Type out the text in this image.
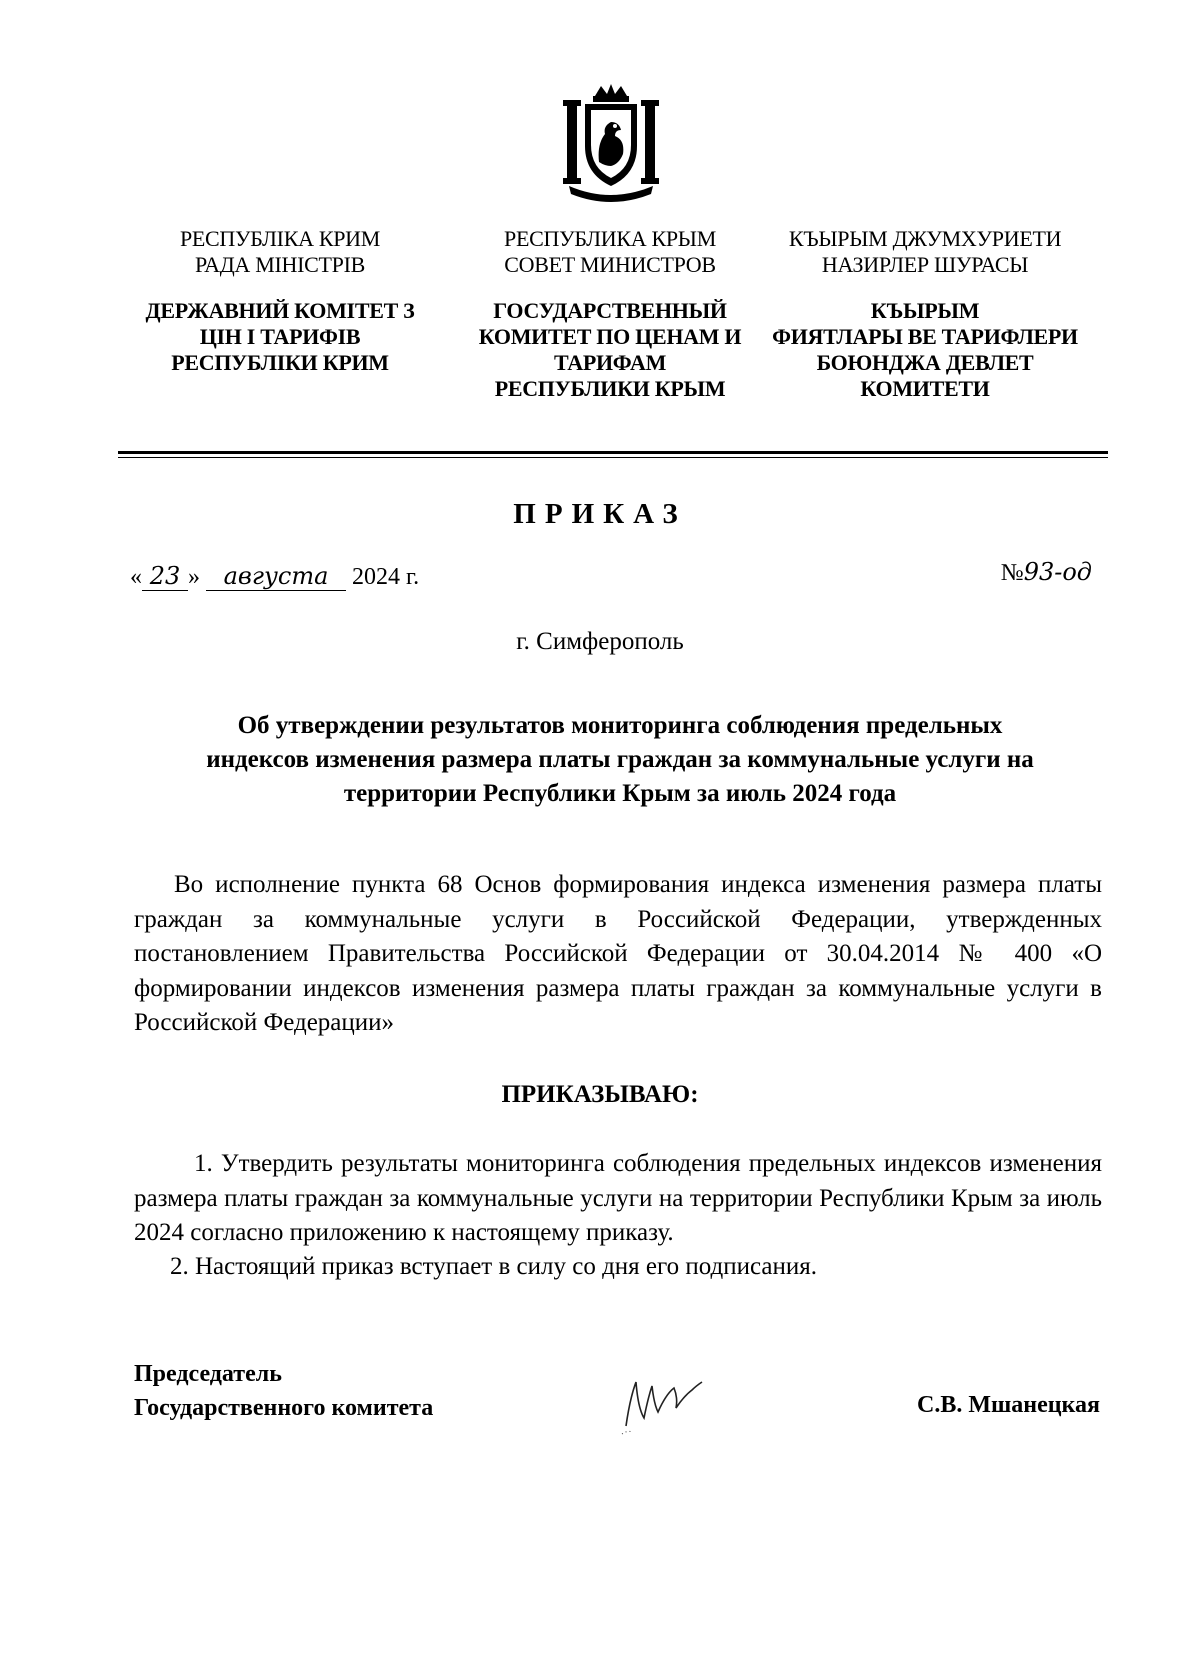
РЕСПУБЛІКА КРИМ
РАДА МІНІСТРІВ
ДЕРЖАВНИЙ КОМІТЕТ З
ЦІН І ТАРИФІВ
РЕСПУБЛІКИ КРИМ
РЕСПУБЛИКА КРЫМ
СОВЕТ МИНИСТРОВ
ГОСУДАРСТВЕННЫЙ
КОМИТЕТ ПО ЦЕНАМ И
ТАРИФАМ
РЕСПУБЛИКИ КРЫМ
КЪЫРЫМ ДЖУМХУРИЕТИ
НАЗИРЛЕР ШУРАСЫ
КЪЫРЫМ
ФИЯТЛАРЫ ВЕ ТАРИФЛЕРИ
БОЮНДЖА ДЕВЛЕТ
КОМИТЕТИ
ПРИКАЗ
« 23 » августа 2024 г.	№93-од
г. Симферополь
Об утверждении результатов мониторинга соблюдения предельных
индексов изменения размера платы граждан за коммунальные услуги на
территории Республики Крым за июль 2024 года
Во исполнение пункта 68 Основ формирования индекса изменения размера платы граждан за коммунальные услуги в Российской Федерации, утвержденных постановлением Правительства Российской Федерации от 30.04.2014 № 400 «О формировании индексов изменения размера платы граждан за коммунальные услуги в Российской Федерации»
ПРИКАЗЫВАЮ:
1. Утвердить результаты мониторинга соблюдения предельных индексов изменения размера платы граждан за коммунальные услуги на территории Республики Крым за июль 2024 согласно приложению к настоящему приказу.
2. Настоящий приказ вступает в силу со дня его подписания.
Председатель
Государственного комитета	С.В. Мшанецкая
